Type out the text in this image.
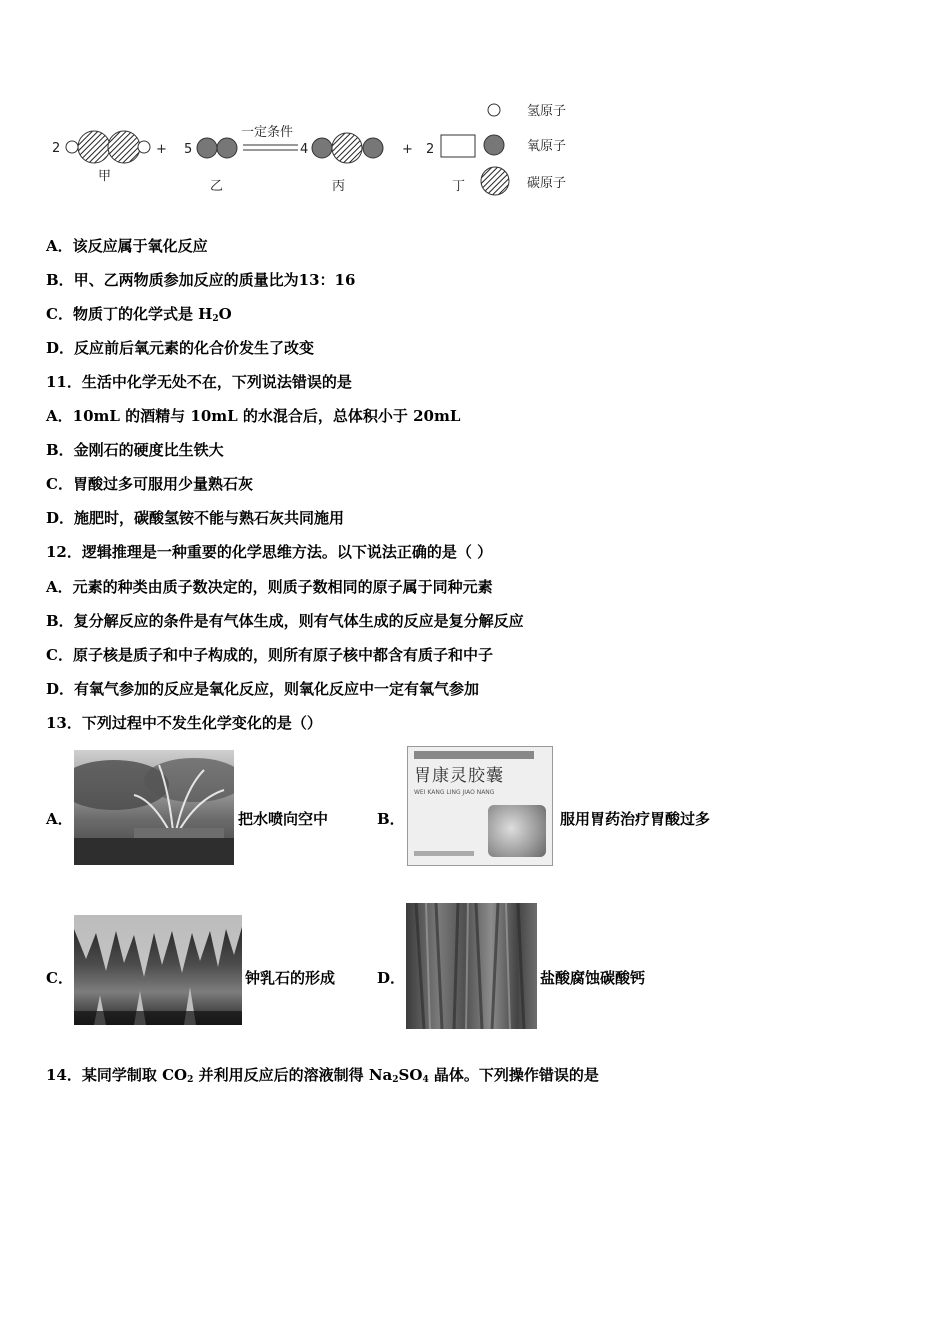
2	+
甲
5
乙
一定条件
4
丙
+ 2
丁
氢原子
氧原子
碳原子
A．该反应属于氧化反应
B．甲、乙两物质参加反应的质量比为13：16
C．物质丁的化学式是 $H_2O$
D．反应前后氧元素的化合价发生了改变
11．生活中化学无处不在，下列说法错误的是
A．10mL 的酒精与 10mL 的水混合后，总体积小于 20mL
B．金刚石的硬度比生铁大
C．胃酸过多可服用少量熟石灰
D．施肥时，碳酸氢铵不能与熟石灰共同施用
12．逻辑推理是一种重要的化学思维方法。以下说法正确的是（ ）
A．元素的种类由质子数决定的，则质子数相同的原子属于同种元素
B．复分解反应的条件是有气体生成，则有气体生成的反应是复分解反应
C．原子核是质子和中子构成的，则所有原子核中都含有质子和中子
D．有氧气参加的反应是氧化反应，则氧化反应中一定有氧气参加
13．下列过程中不发生化学变化的是（）
A．	把水喷向空中	B．
胃康灵胶囊
WEI KANG LING JIAO NANG
服用胃药治疗胃酸过多
C．	钟乳石的形成	D．	盐酸腐蚀碳酸钙
14．某同学制取 $CO_2$ 并利用反应后的溶液制得 $Na_2SO_4$ 晶体。下列操作错误的是
